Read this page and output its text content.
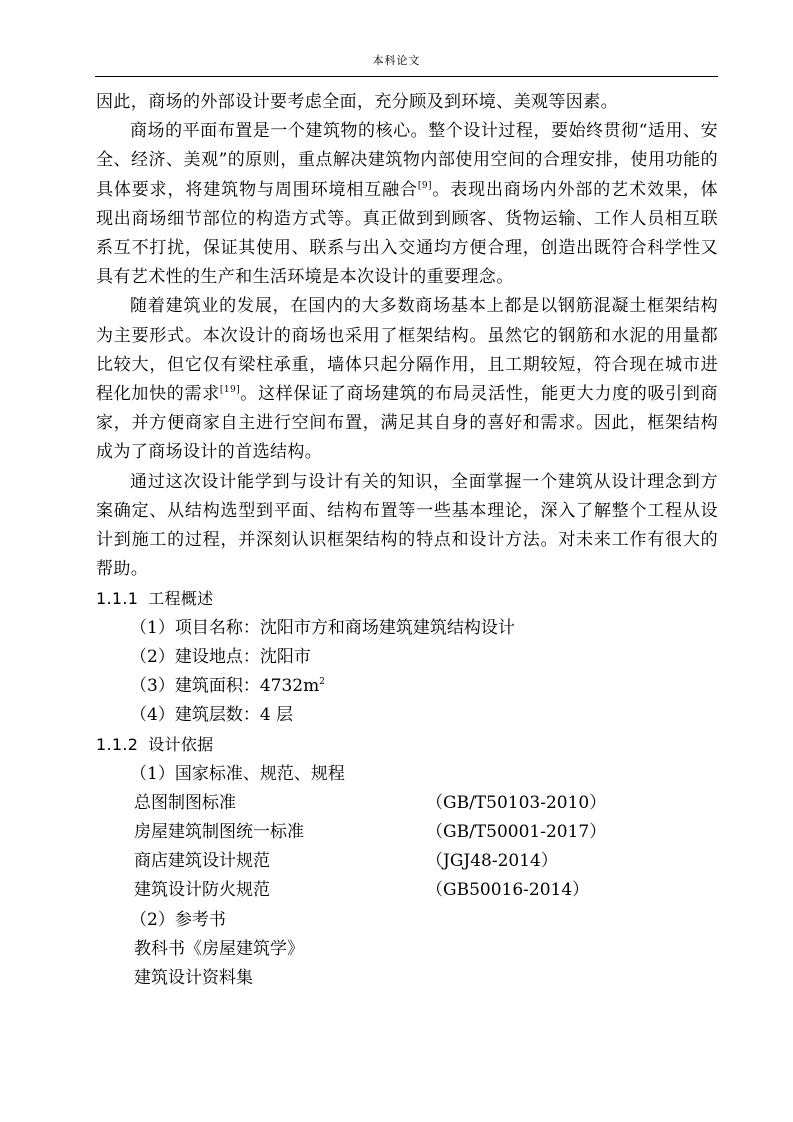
本科论文

因此，商场的外部设计要考虑全面，充分顾及到环境、美观等因素。

商场的平面布置是一个建筑物的核心。整个设计过程，要始终贯彻“适用、安全、经济、美观”的原则，重点解决建筑物内部使用空间的合理安排，使用功能的具体要求，将建筑物与周围环境相互融合[9]。表现出商场内外部的艺术效果，体现出商场细节部位的构造方式等。真正做到到顾客、货物运输、工作人员相互联系互不打扰，保证其使用、联系与出入交通均方便合理，创造出既符合科学性又具有艺术性的生产和生活环境是本次设计的重要理念。

随着建筑业的发展，在国内的大多数商场基本上都是以钢筋混凝土框架结构为主要形式。本次设计的商场也采用了框架结构。虽然它的钢筋和水泥的用量都比较大，但它仅有梁柱承重，墙体只起分隔作用，且工期较短，符合现在城市进程化加快的需求[19]。这样保证了商场建筑的布局灵活性，能更大力度的吸引到商家，并方便商家自主进行空间布置，满足其自身的喜好和需求。因此，框架结构成为了商场设计的首选结构。

通过这次设计能学到与设计有关的知识，全面掌握一个建筑从设计理念到方案确定、从结构选型到平面、结构布置等一些基本理论，深入了解整个工程从设计到施工的过程，并深刻认识框架结构的特点和设计方法。对未来工作有很大的帮助。

1.1.1 工程概述

（1）项目名称：沈阳市方和商场建筑建筑结构设计

（2）建设地点：沈阳市

（3）建筑面积：$4732m^2$

（4）建筑层数：4 层

1.1.2 设计依据

（1）国家标准、规范、规程

总图制图标准	（GB/T50103-2010）

房屋建筑制图统一标准	（GB/T50001-2017）

商店建筑设计规范	（JGJ48-2014）

建筑设计防火规范	（GB50016-2014）

（2）参考书

教科书《房屋建筑学》

建筑设计资料集
